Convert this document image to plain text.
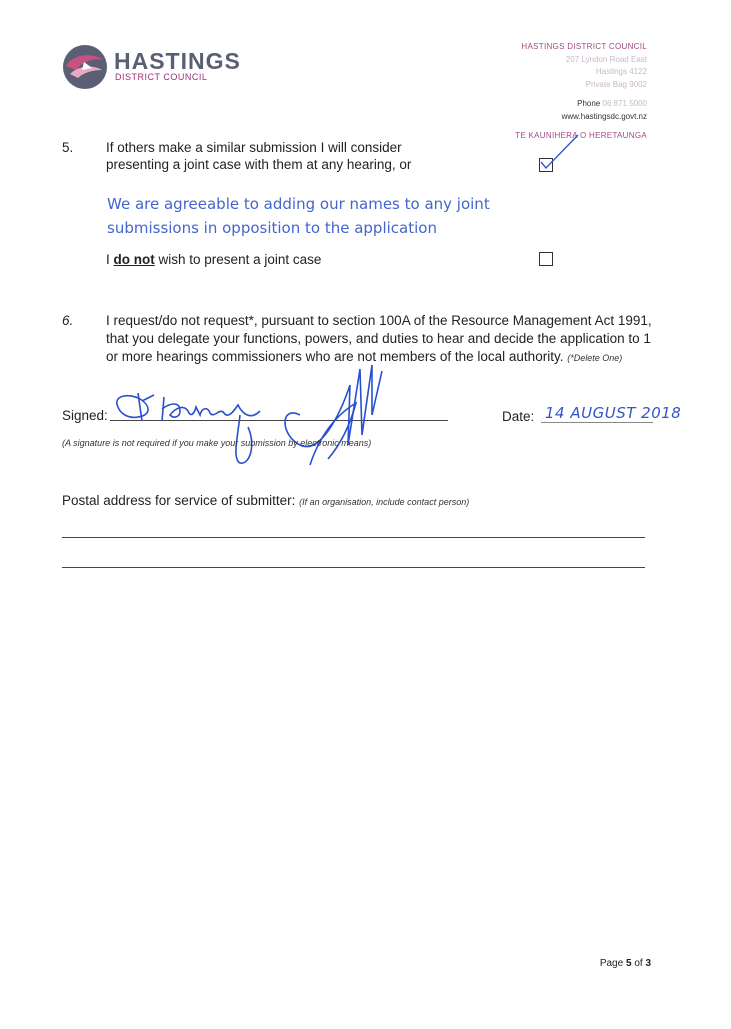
HASTINGS
DISTRICT COUNCIL
HASTINGS DISTRICT COUNCIL
207 Lyndon Road East
Hastings 4122
Private Bag 9002
Phone 06 871 5000
www.hastingsdc.govt.nz
TE KAUNIHERA O HERETAUNGA
5. If others make a similar submission I will consider
presenting a joint case with them at any hearing, or
We are agreeable to adding our names to any joint
submissions in opposition to the application
I do not wish to present a joint case
6. I request/do not request*, pursuant to section 100A of the Resource Management Act 1991,
that you delegate your functions, powers, and duties to hear and decide the application to 1
or more hearings commissioners who are not members of the local authority. (*Delete One)
Signed:
(A signature is not required if you make your submission by electronic means)
Date: 14 AUGUST 2018
Postal address for service of submitter: (If an organisation, include contact person)
Page 5 of 3
